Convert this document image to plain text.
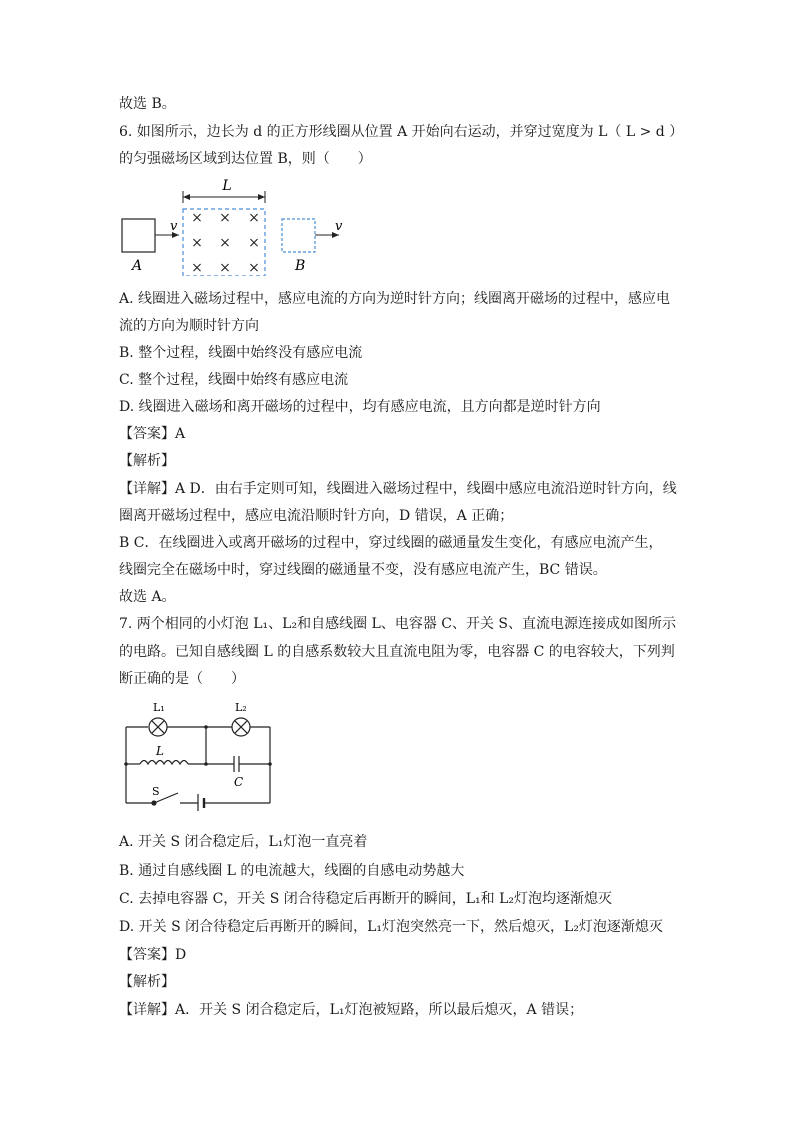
故选 B。
6. 如图所示，边长为 d 的正方形线圈从位置 A 开始向右运动，并穿过宽度为 L（ L > d ）
的匀强磁场区域到达位置 B，则（　　）
L
v
A
× × ×
× × ×
× × ×
v
B
A. 线圈进入磁场过程中，感应电流的方向为逆时针方向；线圈离开磁场的过程中，感应电
流的方向为顺时针方向
B. 整个过程，线圈中始终没有感应电流
C. 整个过程，线圈中始终有感应电流
D. 线圈进入磁场和离开磁场的过程中，均有感应电流，且方向都是逆时针方向
【答案】A
【解析】
【详解】A D．由右手定则可知，线圈进入磁场过程中，线圈中感应电流沿逆时针方向，线
圈离开磁场过程中，感应电流沿顺时针方向，D 错误，A 正确；
B C．在线圈进入或离开磁场的过程中，穿过线圈的磁通量发生变化，有感应电流产生，
线圈完全在磁场中时，穿过线圈的磁通量不变，没有感应电流产生，BC 错误。
故选 A。
7. 两个相同的小灯泡 L₁、L₂和自感线圈 L、电容器 C、开关 S、直流电源连接成如图所示
的电路。已知自感线圈 L 的自感系数较大且直流电阻为零，电容器 C 的电容较大，下列判
断正确的是（　　）
L₁	L₂
L
C
S
A. 开关 S 闭合稳定后，L₁灯泡一直亮着
B. 通过自感线圈 L 的电流越大，线圈的自感电动势越大
C. 去掉电容器 C，开关 S 闭合待稳定后再断开的瞬间，L₁和 L₂灯泡均逐渐熄灭
D. 开关 S 闭合待稳定后再断开的瞬间，L₁灯泡突然亮一下，然后熄灭，L₂灯泡逐渐熄灭
【答案】D
【解析】
【详解】A．开关 S 闭合稳定后，L₁灯泡被短路，所以最后熄灭，A 错误；
